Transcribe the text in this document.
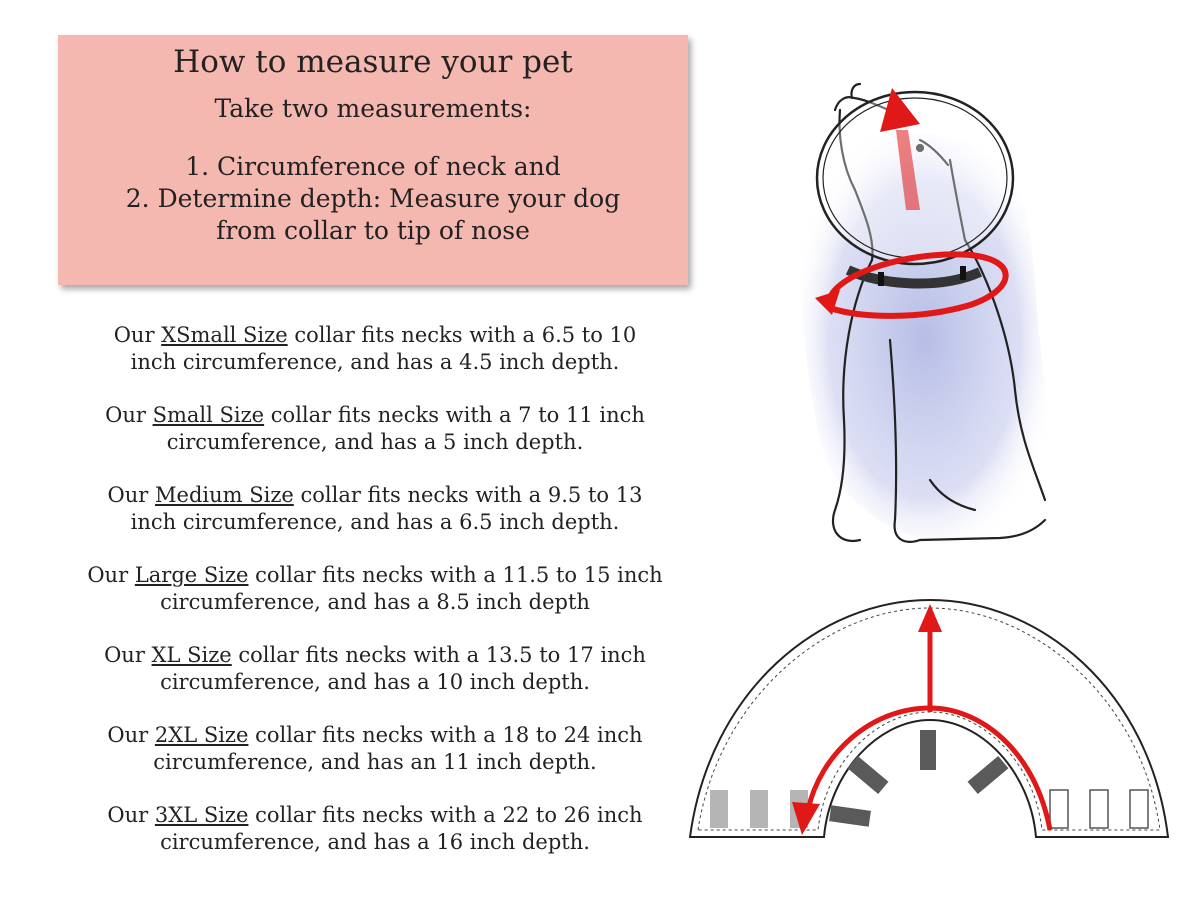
How to measure your pet
Take two measurements:
1. Circumference of neck and
2. Determine depth: Measure your dog
from collar to tip of nose
Our XSmall Size collar fits necks with a 6.5 to 10
inch circumference, and has a 4.5 inch depth.
Our Small Size collar fits necks with a 7 to 11 inch
circumference, and has a 5 inch depth.
Our Medium Size collar fits necks with a 9.5 to 13
inch circumference, and has a 6.5 inch depth.
Our Large Size collar fits necks with a 11.5 to 15 inch
circumference, and has a 8.5 inch depth
Our XL Size collar fits necks with a 13.5 to 17 inch
circumference, and has a 10 inch depth.
Our 2XL Size collar fits necks with a 18 to 24 inch
circumference, and has an 11 inch depth.
Our 3XL Size collar fits necks with a 22 to 26 inch
circumference, and has a 16 inch depth.
